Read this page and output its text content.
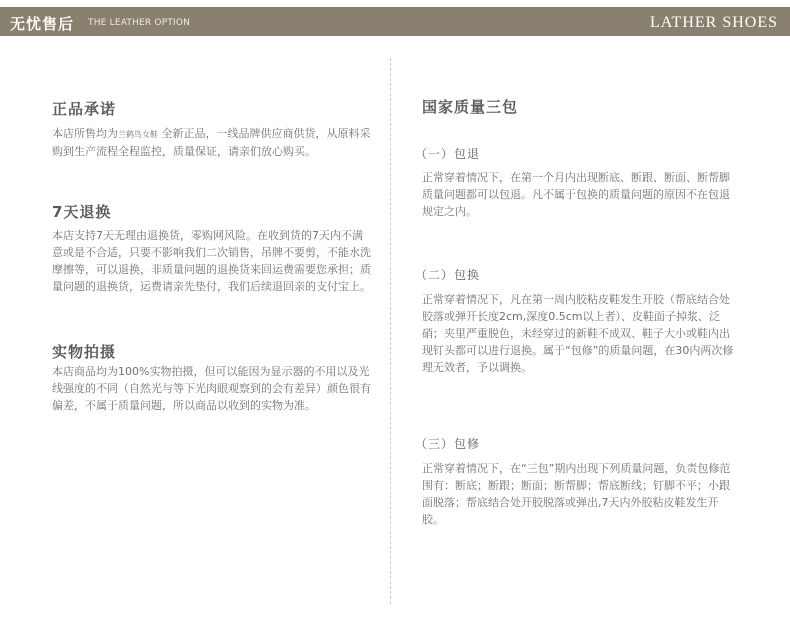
无忧售后 THE LEATHER OPTION	LATHER SHOES
正品承诺

本店所售均为兰鹤鸟女鞋 全新正品，一线品牌供应商供货，从原料采购到生产流程全程监控，质量保证，请亲们放心购买。

7天退换

本店支持7天无理由退换货，零购网风险。在收到货的7天内不满意或是不合适，只要不影响我们二次销售，吊牌不要剪，不能水洗摩擦等，可以退换，非质量问题的退换货来回运费需要您承担；质量问题的退换货，运费请亲先垫付，我们后续退回亲的支付宝上。

实物拍摄

本店商品均为100%实物拍摄，但可以能因为显示器的不用以及光线强度的不同（自然光与等下光肉眼观察到的会有差异）颜色很有偏差，不属于质量问题，所以商品以收到的实物为准。

国家质量三包
（一）包退

正常穿着情况下，在第一个月内出现断底、断跟、断面、断帮脚质量问题都可以包退。凡不属于包换的质量问题的原因不在包退规定之内。

（二）包换

正常穿着情况下，凡在第一周内胶粘皮鞋发生开胶（帮底结合处胶落或弹开长度2cm,深度0.5cm以上者）、皮鞋面子掉浆、泛硝；夹里严重脱色，未经穿过的新鞋不成双、鞋子大小或鞋内出现钉头都可以进行退换。属于“包修”的质量问题，在30内两次修理无效者，予以调换。

（三）包修

正常穿着情况下，在“三包”期内出现下列质量问题，负责包修范围有：断底；断跟；断面；断帮脚；帮底断线；钉脚不平；小跟 面脱落；帮底结合处开胶脱落或弹出,7天内外胶粘皮鞋发生开胶。
